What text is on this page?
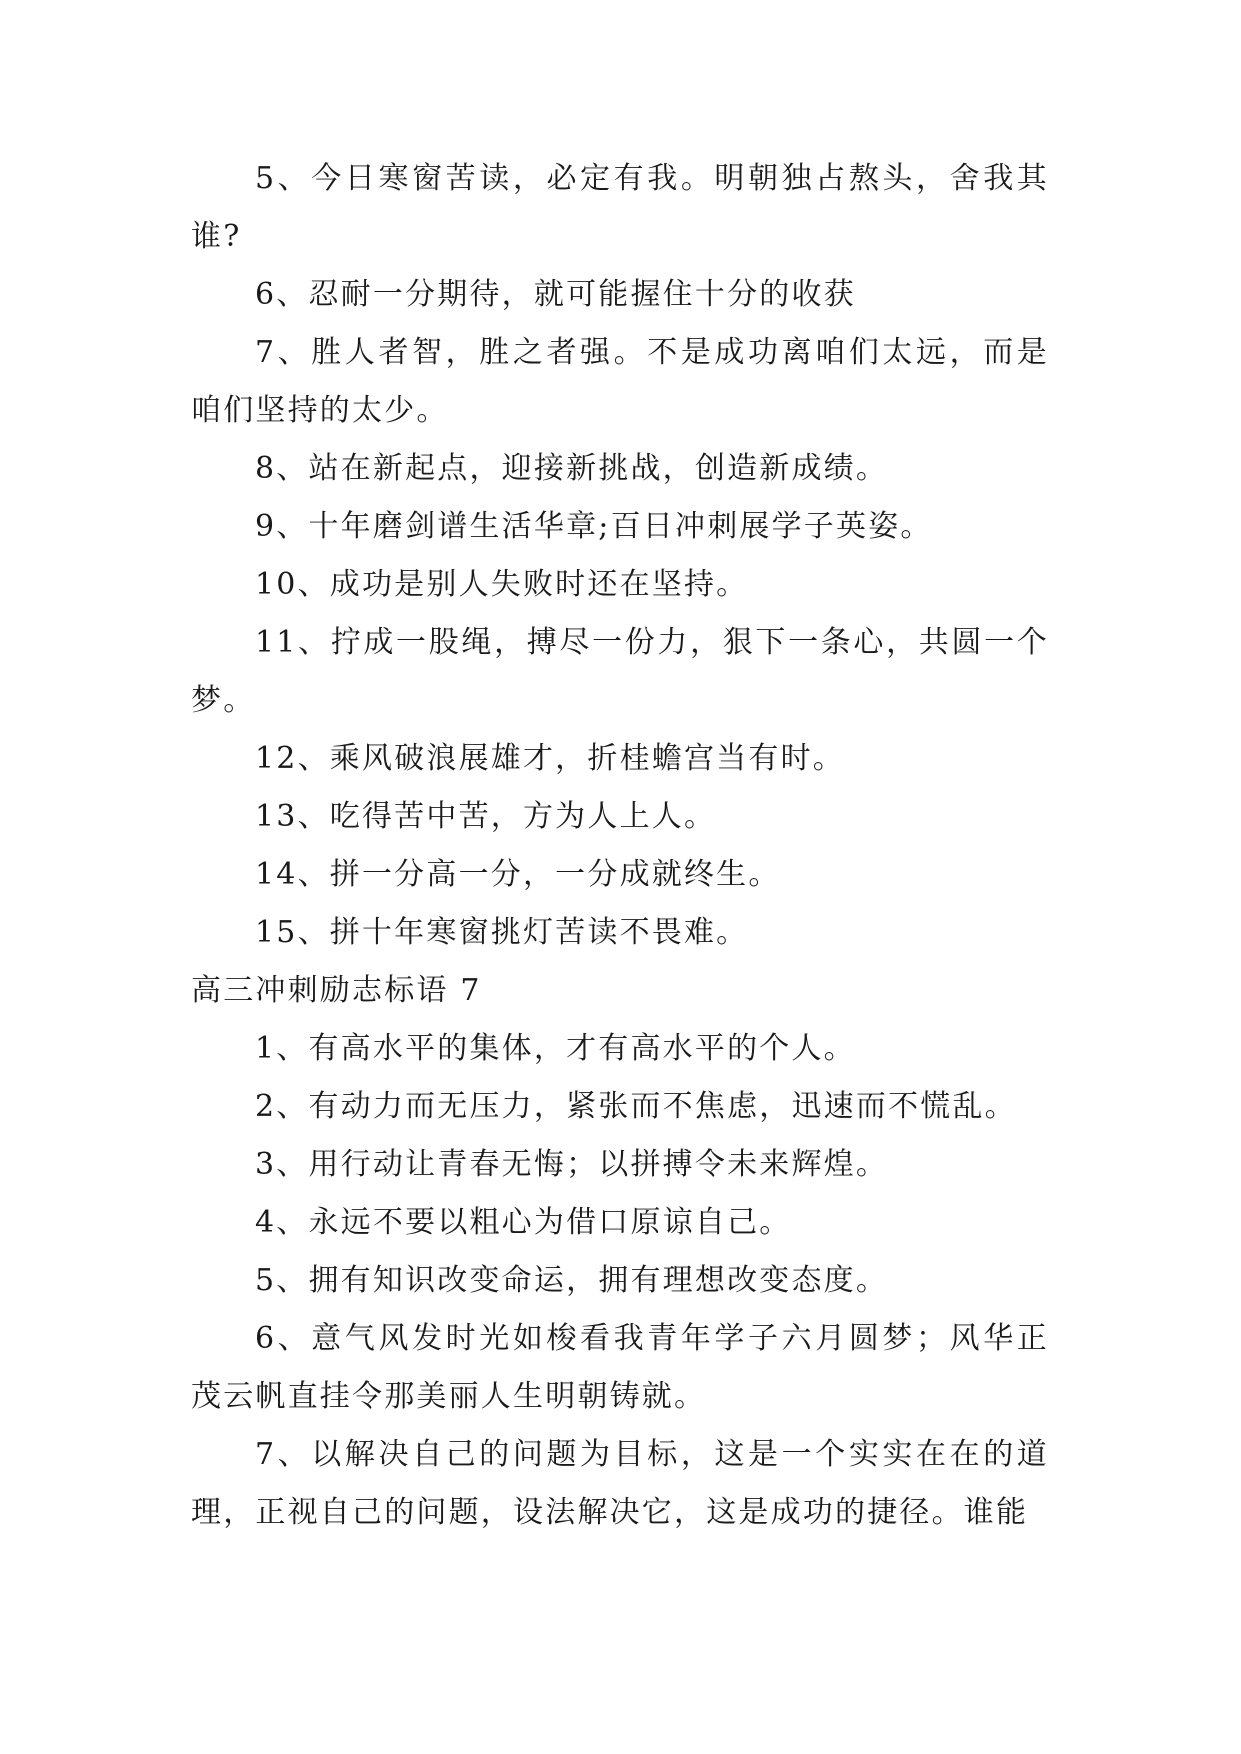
5、今日寒窗苦读，必定有我。明朝独占熬头，舍我其谁?

6、忍耐一分期待，就可能握住十分的收获

7、胜人者智，胜之者强。不是成功离咱们太远，而是咱们坚持的太少。

8、站在新起点，迎接新挑战，创造新成绩。

9、十年磨剑谱生活华章;百日冲刺展学子英姿。

10、成功是别人失败时还在坚持。

11、拧成一股绳，搏尽一份力，狠下一条心，共圆一个梦。

12、乘风破浪展雄才，折桂蟾宫当有时。

13、吃得苦中苦，方为人上人。

14、拼一分高一分，一分成就终生。

15、拼十年寒窗挑灯苦读不畏难。

高三冲刺励志标语 7

1、有高水平的集体，才有高水平的个人。

2、有动力而无压力，紧张而不焦虑，迅速而不慌乱。

3、用行动让青春无悔；以拼搏令未来辉煌。

4、永远不要以粗心为借口原谅自己。

5、拥有知识改变命运，拥有理想改变态度。

6、意气风发时光如梭看我青年学子六月圆梦；风华正茂云帆直挂令那美丽人生明朝铸就。

7、以解决自己的问题为目标，这是一个实实在在的道理，正视自己的问题，设法解决它，这是成功的捷径。谁能
